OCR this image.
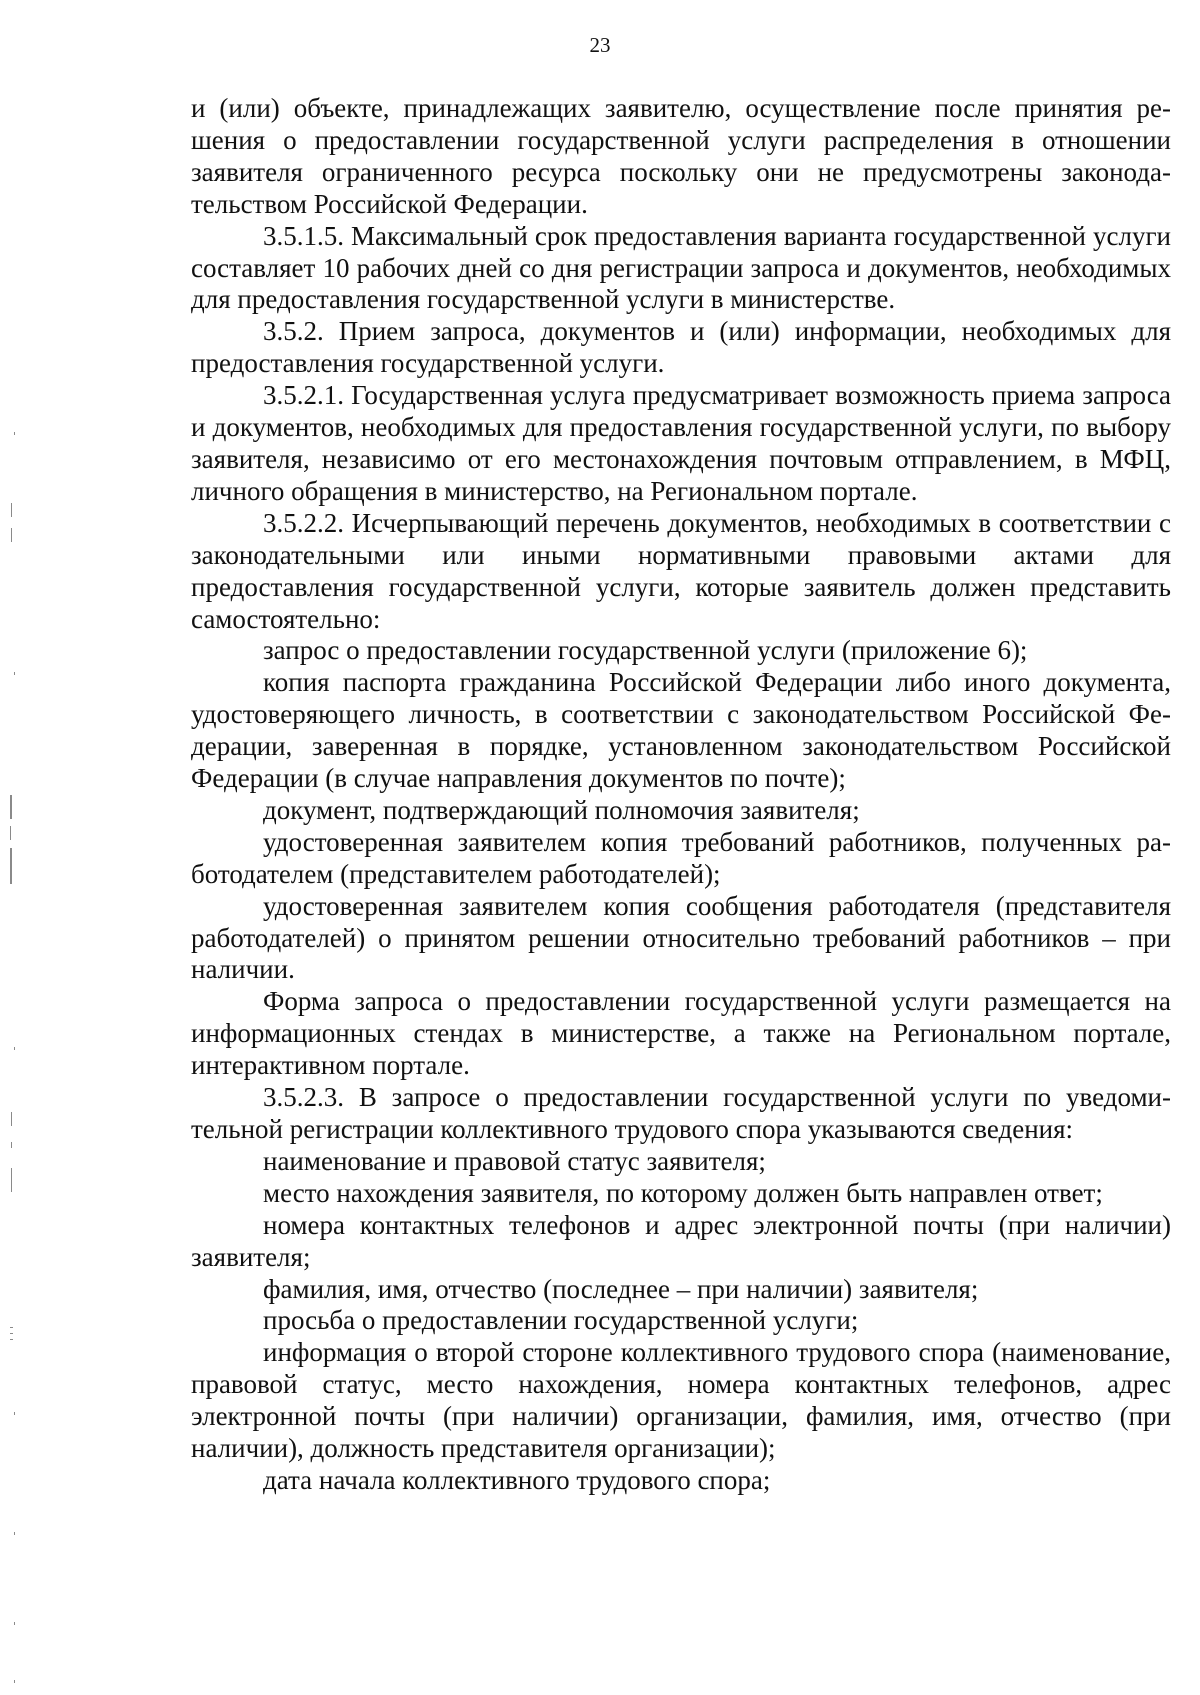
23

и (или) объекте, принадлежащих заявителю, осуществление после принятия решения о предоставлении государственной услуги распределения в отношении заявителя ограниченного ресурса поскольку они не предусмотрены законодательством Российской Федерации.

3.5.1.5. Максимальный срок предоставления варианта государственной услуги составляет 10 рабочих дней со дня регистрации запроса и документов, необходимых для предоставления государственной услуги в министерстве.

3.5.2. Прием запроса, документов и (или) информации, необходимых для предоставления государственной услуги.

3.5.2.1. Государственная услуга предусматривает возможность приема запроса и документов, необходимых для предоставления государственной услуги, по выбору заявителя, независимо от его местонахождения почтовым отправлением, в МФЦ, личного обращения в министерство, на Региональном портале.

3.5.2.2. Исчерпывающий перечень документов, необходимых в соответствии с законодательными или иными нормативными правовыми актами для предоставления государственной услуги, которые заявитель должен представить самостоятельно:

запрос о предоставлении государственной услуги (приложение 6);

копия паспорта гражданина Российской Федерации либо иного документа, удостоверяющего личность, в соответствии с законодательством Российской Федерации, заверенная в порядке, установленном законодательством Российской Федерации (в случае направления документов по почте);

документ, подтверждающий полномочия заявителя;

удостоверенная заявителем копия требований работников, полученных работодателем (представителем работодателей);

удостоверенная заявителем копия сообщения работодателя (представителя работодателей) о принятом решении относительно требований работников – при наличии.

Форма запроса о предоставлении государственной услуги размещается на информационных стендах в министерстве, а также на Региональном портале, интерактивном портале.

3.5.2.3. В запросе о предоставлении государственной услуги по уведомительной регистрации коллективного трудового спора указываются сведения:

наименование и правовой статус заявителя;

место нахождения заявителя, по которому должен быть направлен ответ;

номера контактных телефонов и адрес электронной почты (при наличии) заявителя;

фамилия, имя, отчество (последнее – при наличии) заявителя;

просьба о предоставлении государственной услуги;

информация о второй стороне коллективного трудового спора (наименование, правовой статус, место нахождения, номера контактных телефонов, адрес электронной почты (при наличии) организации, фамилия, имя, отчество (при наличии), должность представителя организации);

дата начала коллективного трудового спора;
